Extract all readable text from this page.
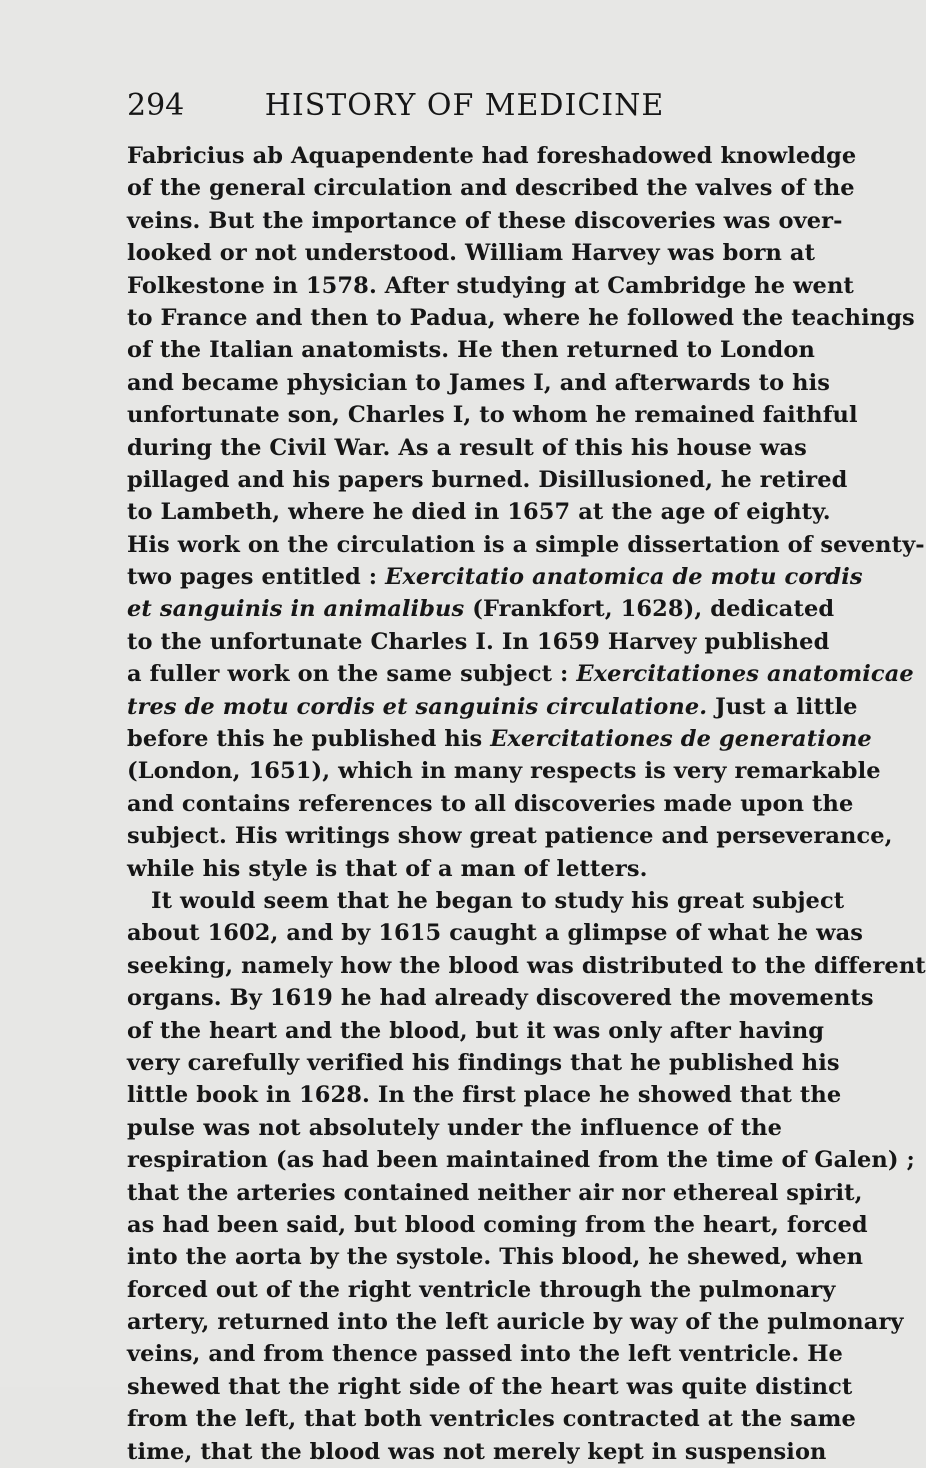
294	HISTORY OF MEDICINE
Fabricius ab Aquapendente had foreshadowed knowledge
of the general circulation and described the valves of the
veins. But the importance of these discoveries was over-
looked or not understood. William Harvey was born at
Folkestone in 1578. After studying at Cambridge he went
to France and then to Padua, where he followed the teachings
of the Italian anatomists. He then returned to London
and became physician to James I, and afterwards to his
unfortunate son, Charles I, to whom he remained faithful
during the Civil War. As a result of this his house was
pillaged and his papers burned. Disillusioned, he retired
to Lambeth, where he died in 1657 at the age of eighty.
His work on the circulation is a simple dissertation of seventy-
two pages entitled : Exercitatio anatomica de motu cordis
et sanguinis in animalibus (Frankfort, 1628), dedicated
to the unfortunate Charles I. In 1659 Harvey published
a fuller work on the same subject : Exercitationes anatomicae
tres de motu cordis et sanguinis circulatione. Just a little
before this he published his Exercitationes de generatione
(London, 1651), which in many respects is very remarkable
and contains references to all discoveries made upon the
subject. His writings show great patience and perseverance,
while his style is that of a man of letters.
It would seem that he began to study his great subject
about 1602, and by 1615 caught a glimpse of what he was
seeking, namely how the blood was distributed to the different
organs. By 1619 he had already discovered the movements
of the heart and the blood, but it was only after having
very carefully verified his findings that he published his
little book in 1628. In the first place he showed that the
pulse was not absolutely under the influence of the
respiration (as had been maintained from the time of Galen) ;
that the arteries contained neither air nor ethereal spirit,
as had been said, but blood coming from the heart, forced
into the aorta by the systole. This blood, he shewed, when
forced out of the right ventricle through the pulmonary
artery, returned into the left auricle by way of the pulmonary
veins, and from thence passed into the left ventricle. He
shewed that the right side of the heart was quite distinct
from the left, that both ventricles contracted at the same
time, that the blood was not merely kept in suspension
